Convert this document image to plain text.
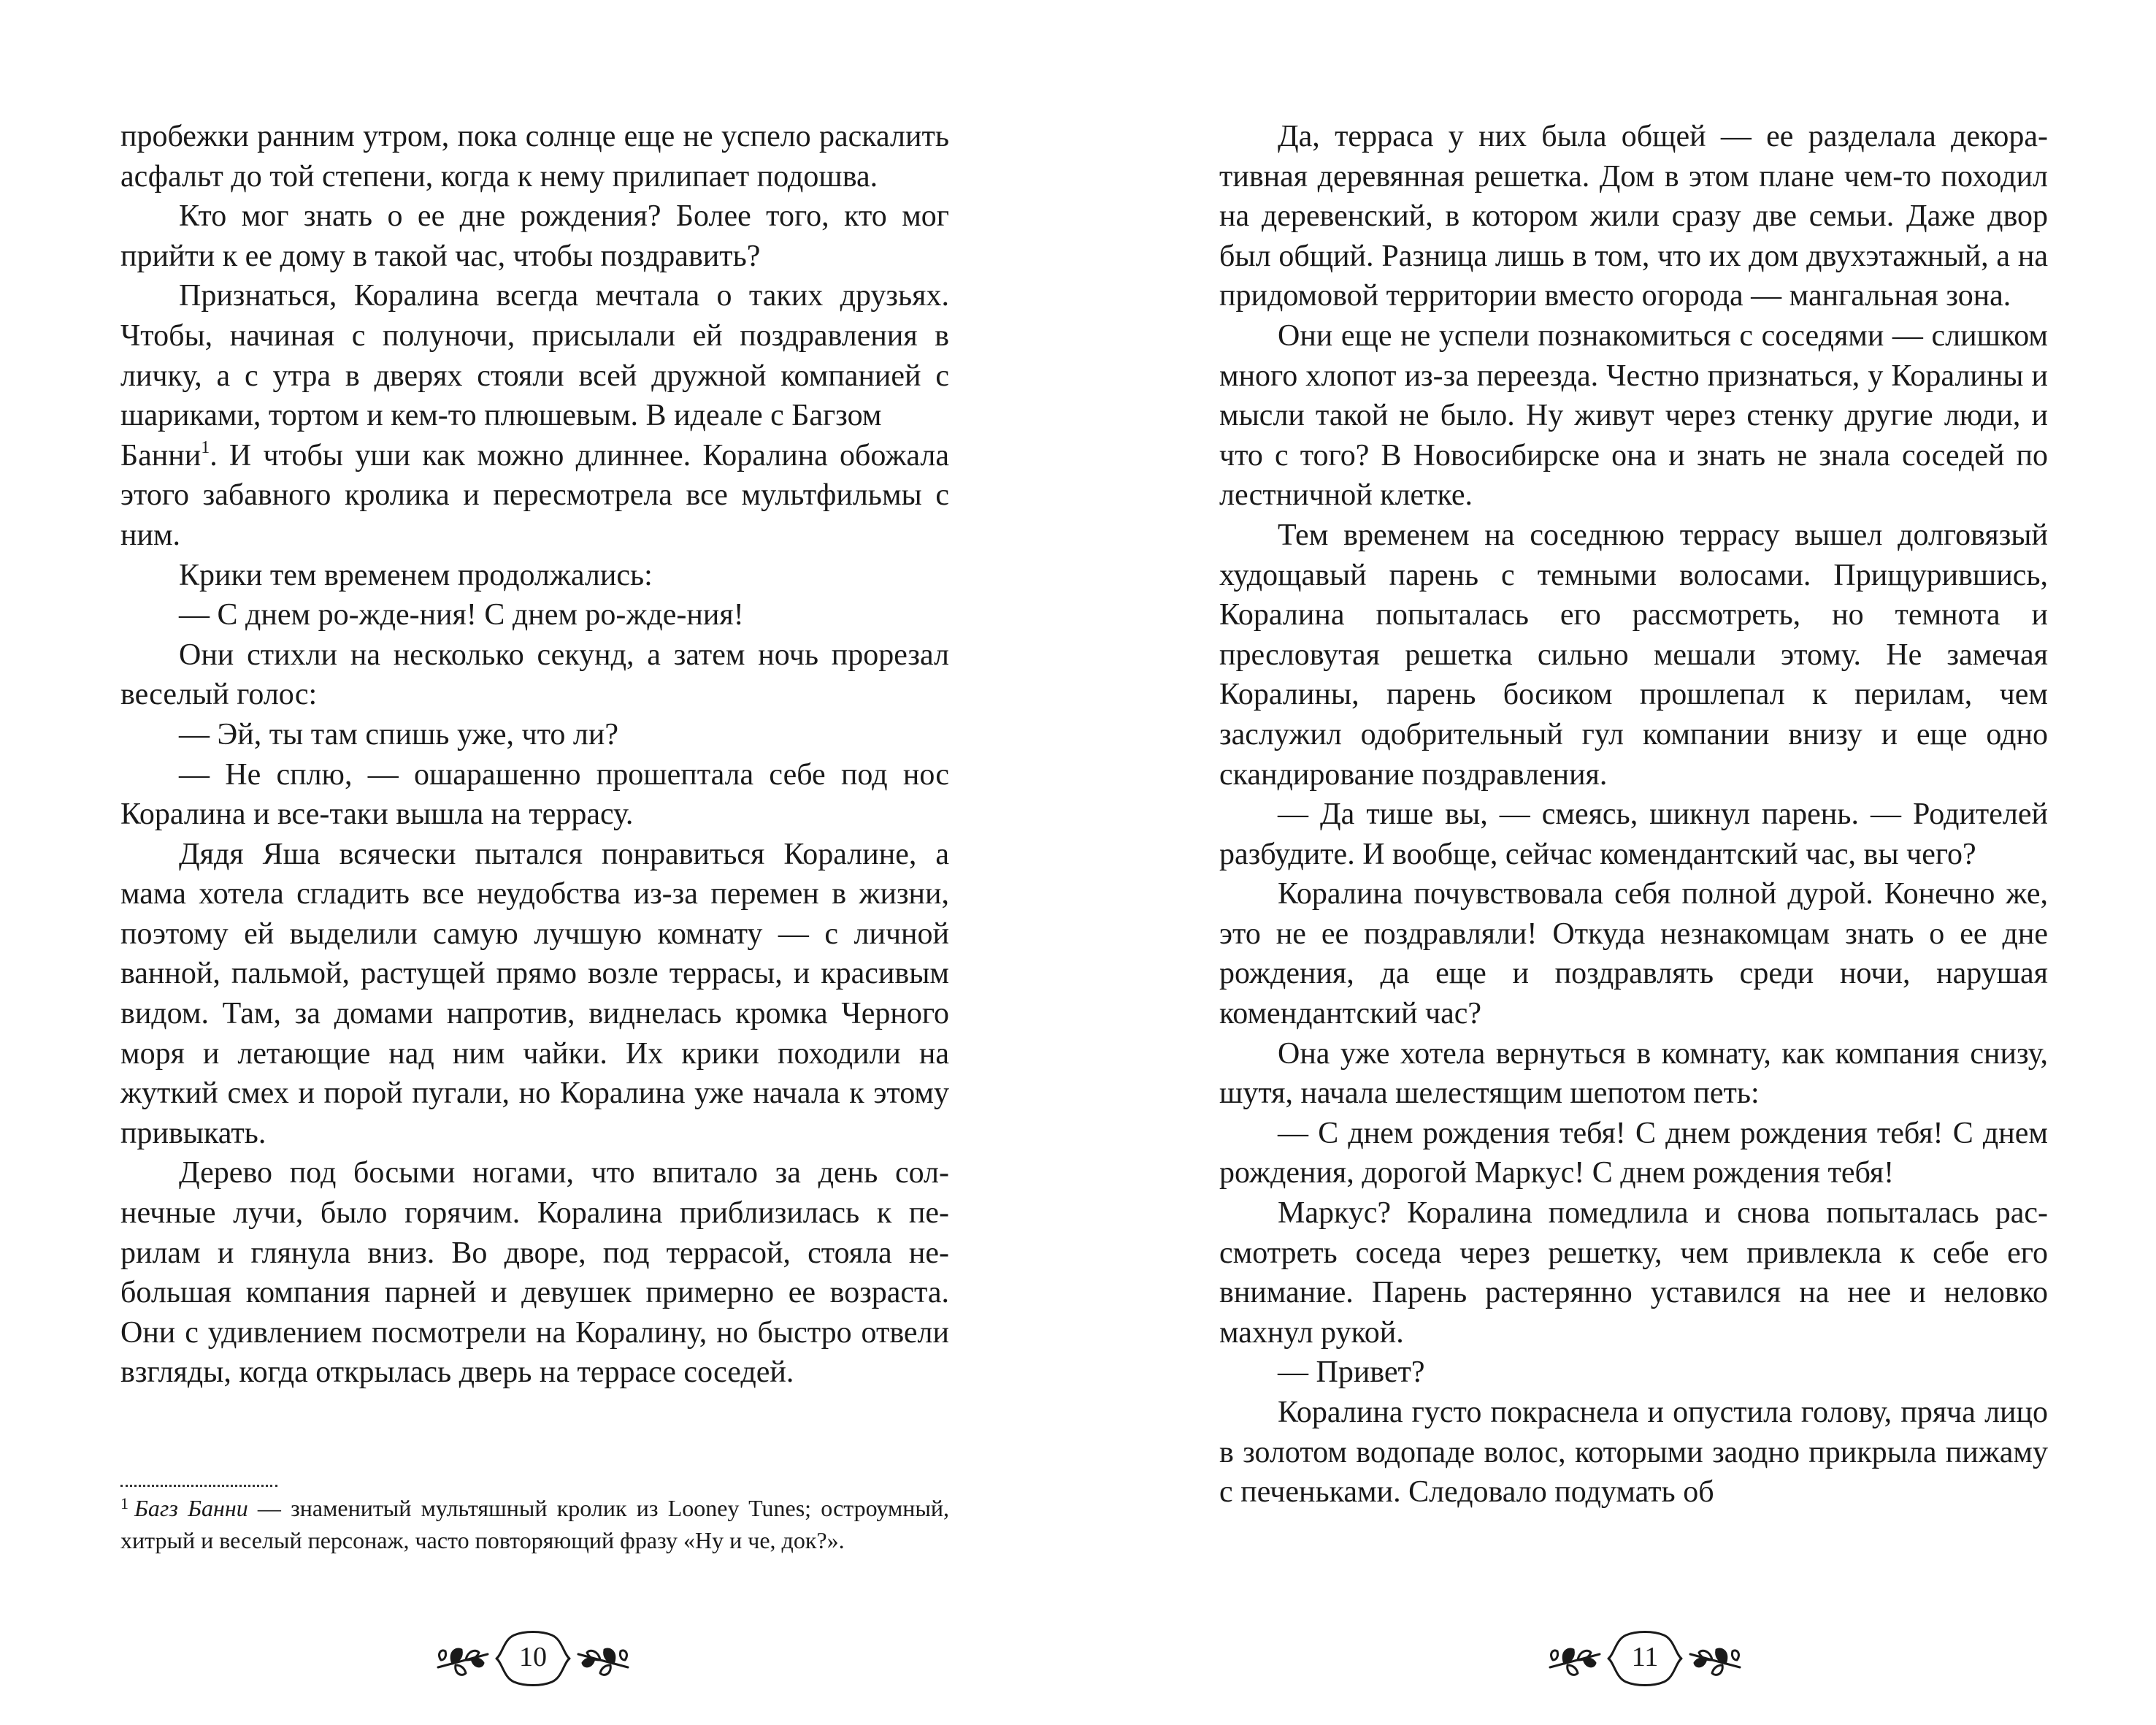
пробежки ранним утром, пока солнце еще не успело раскалить асфальт до той степени, когда к нему прилипает подошва.

Кто мог знать о ее дне рождения? Более того, кто мог прийти к ее дому в такой час, чтобы поздравить?

Признаться, Коралина всегда мечтала о таких друзьях. Чтобы, начиная с полуночи, присылали ей поздравления в личку, а с утра в дверях стояли всей дружной компанией с шариками, тортом и кем-то плюшевым. В идеале с Багзом

Банни$^1$. И чтобы уши как можно длиннее. Коралина обожала этого забавного кролика и пересмотрела все мультфильмы с ним.

Крики тем временем продолжались:

— С днем ро-жде-ния! С днем ро-жде-ния!

Они стихли на несколько секунд, а затем ночь прорезал веселый голос:

— Эй, ты там спишь уже, что ли?

— Не сплю, — ошарашенно прошептала себе под нос Коралина и все-таки вышла на террасу.

Дядя Яша всячески пытался понравиться Коралине, а мама хотела сгладить все неудобства из-за перемен в жизни, поэтому ей выделили самую лучшую комнату — с личной ванной, пальмой, растущей прямо возле террасы, и красивым видом. Там, за домами напротив, виднелась кромка Черного моря и летающие над ним чайки. Их крики походили на жуткий смех и порой пугали, но Коралина уже начала к этому привыкать.

Дерево под босыми ногами, что впитало за день солнечные лучи, было горячим. Коралина приблизилась к перилам и глянула вниз. Во дворе, под террасой, стояла небольшая компания парней и девушек примерно ее возраста. Они с удивлением посмотрели на Коралину, но быстро отвели взгляды, когда открылась дверь на террасе соседей.

$^1$ Багз Банни — знаменитый мультяшный кролик из Looney Tunes; остроумный, хитрый и веселый персонаж, часто повторяющий фразу «Ну и че, док?».
10

Да, терраса у них была общей — ее разделала декоративная деревянная решетка. Дом в этом плане чем-то походил на деревенский, в котором жили сразу две семьи. Даже двор был общий. Разница лишь в том, что их дом двухэтажный, а на придомовой территории вместо огорода — мангальная зона.

Они еще не успели познакомиться с соседями — слишком много хлопот из-за переезда. Честно признаться, у Коралины и мысли такой не было. Ну живут через стенку другие люди, и что с того? В Новосибирске она и знать не знала соседей по лестничной клетке.

Тем временем на соседнюю террасу вышел долговязый худощавый парень с темными волосами. Прищурившись, Коралина попыталась его рассмотреть, но темнота и пресловутая решетка сильно мешали этому. Не замечая Коралины, парень босиком прошлепал к перилам, чем заслужил одобрительный гул компании внизу и еще одно скандирование поздравления.

— Да тише вы, — смеясь, шикнул парень. — Родителей разбудите. И вообще, сейчас комендантский час, вы чего?

Коралина почувствовала себя полной дурой. Конечно же, это не ее поздравляли! Откуда незнакомцам знать о ее дне рождения, да еще и поздравлять среди ночи, нарушая комендантский час?

Она уже хотела вернуться в комнату, как компания снизу, шутя, начала шелестящим шепотом петь:

— С днем рождения тебя! С днем рождения тебя! С днем рождения, дорогой Маркус! С днем рождения тебя!

Маркус? Коралина помедлила и снова попыталась рассмотреть соседа через решетку, чем привлекла к себе его внимание. Парень растерянно уставился на нее и неловко махнул рукой.

— Привет?

Коралина густо покраснела и опустила голову, пряча лицо в золотом водопаде волос, которыми заодно прикрыла пижаму с печеньками. Следовало подумать об

11
